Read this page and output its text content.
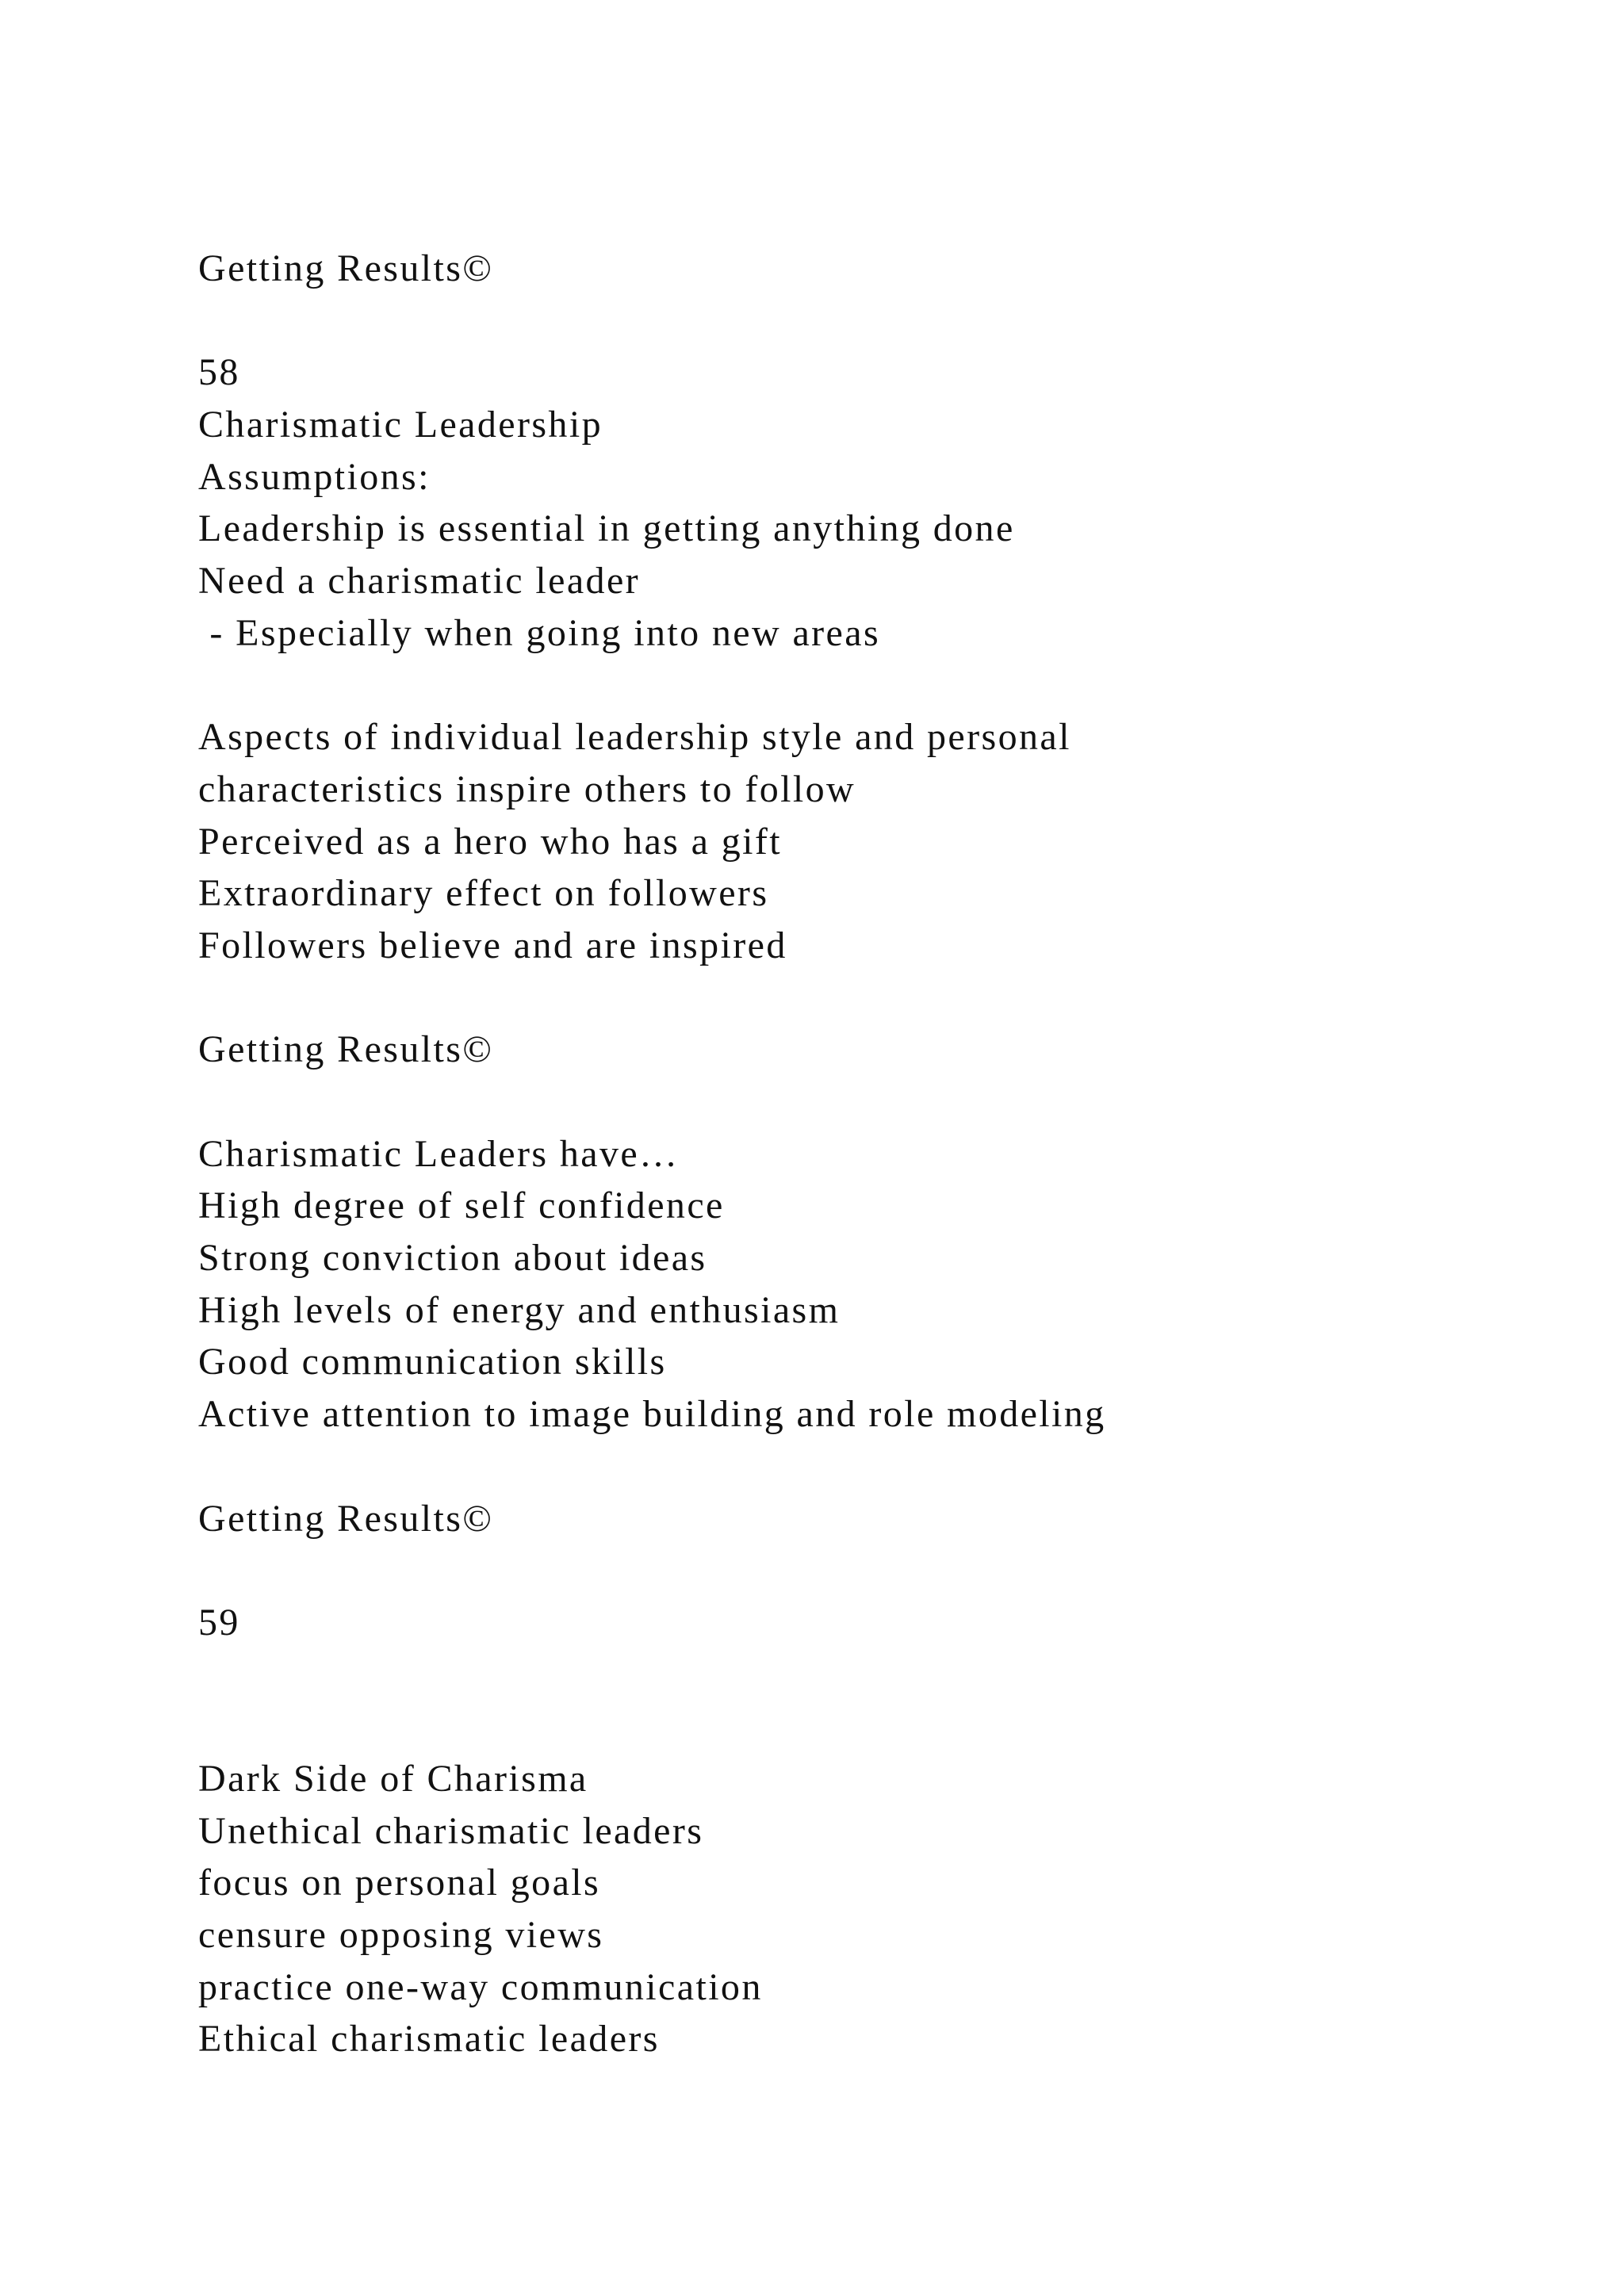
Getting Results©
58
Charismatic Leadership
Assumptions:
Leadership is essential in getting anything done
Need a charismatic leader
- Especially when going into new areas
Aspects of individual leadership style and personal
characteristics inspire others to follow
Perceived as a hero who has a gift
Extraordinary effect on followers
Followers believe and are inspired
Getting Results©
Charismatic Leaders have…
High degree of self confidence
Strong conviction about ideas
High levels of energy and enthusiasm
Good communication skills
Active attention to image building and role modeling
Getting Results©
59
Dark Side of Charisma
Unethical charismatic leaders
focus on personal goals
censure opposing views
practice one-way communication
Ethical charismatic leaders
